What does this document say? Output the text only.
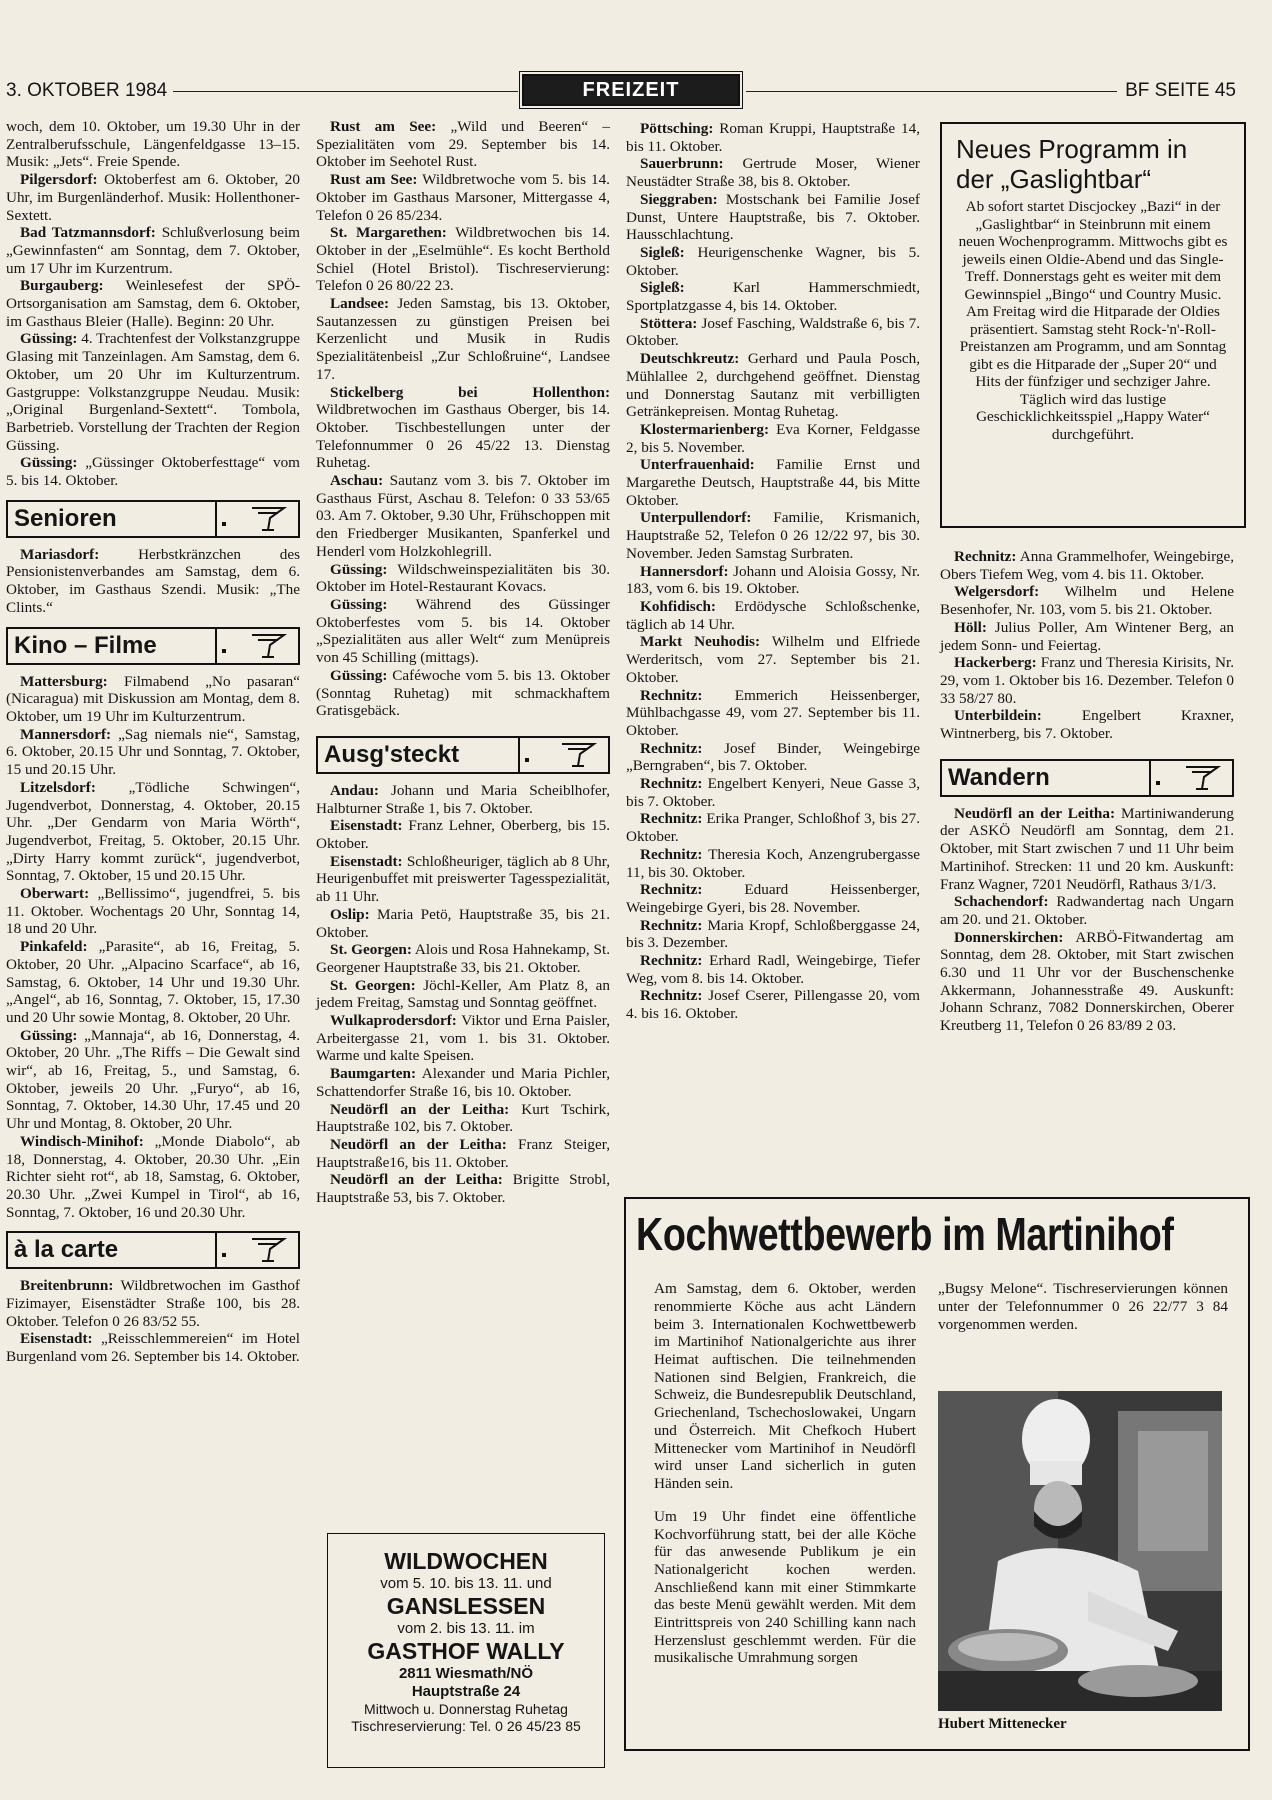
3. OKTOBER 1984	FREIZEIT	BF SEITE 45

woch, dem 10. Oktober, um 19.30 Uhr in der Zentralberufsschule, Längenfeldgasse 13–15. Musik: „Jets“. Freie Spende.

Pilgersdorf: Oktoberfest am 6. Oktober, 20 Uhr, im Burgenländerhof. Musik: Hollenthoner-Sextett.

Bad Tatzmannsdorf: Schlußverlosung beim „Gewinnfasten“ am Sonntag, dem 7. Oktober, um 17 Uhr im Kurzentrum.

Burgauberg: Weinlesefest der SPÖ-Ortsorganisation am Samstag, dem 6. Oktober, im Gasthaus Bleier (Halle). Beginn: 20 Uhr.

Güssing: 4. Trachtenfest der Volkstanzgruppe Glasing mit Tanzeinlagen. Am Samstag, dem 6. Oktober, um 20 Uhr im Kulturzentrum. Gastgruppe: Volkstanzgruppe Neudau. Musik: „Original Burgenland-Sextett“. Tombola, Barbetrieb. Vorstellung der Trachten der Region Güssing.

Güssing: „Güssinger Oktoberfesttage“ vom 5. bis 14. Oktober.

Senioren

Mariasdorf: Herbstkränzchen des Pensionistenverbandes am Samstag, dem 6. Oktober, im Gasthaus Szendi. Musik: „The Clints.“

Kino – Filme

Mattersburg: Filmabend „No pasaran“ (Nicaragua) mit Diskussion am Montag, dem 8. Oktober, um 19 Uhr im Kulturzentrum.

Mannersdorf: „Sag niemals nie“, Samstag, 6. Oktober, 20.15 Uhr und Sonntag, 7. Oktober, 15 und 20.15 Uhr.

Litzelsdorf: „Tödliche Schwingen“, Jugendverbot, Donnerstag, 4. Oktober, 20.15 Uhr. „Der Gendarm von Maria Wörth“, Jugendverbot, Freitag, 5. Oktober, 20.15 Uhr. „Dirty Harry kommt zurück“, jugendverbot, Sonntag, 7. Oktober, 15 und 20.15 Uhr.

Oberwart: „Bellissimo“, jugendfrei, 5. bis 11. Oktober. Wochentags 20 Uhr, Sonntag 14, 18 und 20 Uhr.

Pinkafeld: „Parasite“, ab 16, Freitag, 5. Oktober, 20 Uhr. „Alpacino Scarface“, ab 16, Samstag, 6. Oktober, 14 Uhr und 19.30 Uhr. „Angel“, ab 16, Sonntag, 7. Oktober, 15, 17.30 und 20 Uhr sowie Montag, 8. Oktober, 20 Uhr.

Güssing: „Mannaja“, ab 16, Donnerstag, 4. Oktober, 20 Uhr. „The Riffs – Die Gewalt sind wir“, ab 16, Freitag, 5., und Samstag, 6. Oktober, jeweils 20 Uhr. „Furyo“, ab 16, Sonntag, 7. Oktober, 14.30 Uhr, 17.45 und 20 Uhr und Montag, 8. Oktober, 20 Uhr.

Windisch-Minihof: „Monde Diabolo“, ab 18, Donnerstag, 4. Oktober, 20.30 Uhr. „Ein Richter sieht rot“, ab 18, Samstag, 6. Oktober, 20.30 Uhr. „Zwei Kumpel in Tirol“, ab 16, Sonntag, 7. Oktober, 16 und 20.30 Uhr.

à la carte

Breitenbrunn: Wildbretwochen im Gasthof Fizimayer, Eisenstädter Straße 100, bis 28. Oktober. Telefon 0 26 83/52 55.

Eisenstadt: „Reisschlemmereien“ im Hotel Burgenland vom 26. September bis 14. Oktober.

Rust am See: „Wild und Beeren“ – Spezialitäten vom 29. September bis 14. Oktober im Seehotel Rust.

Rust am See: Wildbretwoche vom 5. bis 14. Oktober im Gasthaus Marsoner, Mittergasse 4, Telefon 0 26 85/234.

St. Margarethen: Wildbretwochen bis 14. Oktober in der „Eselmühle“. Es kocht Berthold Schiel (Hotel Bristol). Tischreservierung: Telefon 0 26 80/22 23.

Landsee: Jeden Samstag, bis 13. Oktober, Sautanzessen zu günstigen Preisen bei Kerzenlicht und Musik in Rudis Spezialitätenbeisl „Zur Schloßruine“, Landsee 17.

Stickelberg bei Hollenthon: Wildbretwochen im Gasthaus Oberger, bis 14. Oktober. Tischbestellungen unter der Telefonnummer 0 26 45/22 13. Dienstag Ruhetag.

Aschau: Sautanz vom 3. bis 7. Oktober im Gasthaus Fürst, Aschau 8. Telefon: 0 33 53/65 03. Am 7. Oktober, 9.30 Uhr, Frühschoppen mit den Friedberger Musikanten, Spanferkel und Henderl vom Holzkohlegrill.

Güssing: Wildschweinspezialitäten bis 30. Oktober im Hotel-Restaurant Kovacs.

Güssing: Während des Güssinger Oktoberfestes vom 5. bis 14. Oktober „Spezialitäten aus aller Welt“ zum Menüpreis von 45 Schilling (mittags).

Güssing: Caféwoche vom 5. bis 13. Oktober (Sonntag Ruhetag) mit schmackhaftem Gratisgebäck.

Ausg'steckt

Andau: Johann und Maria Scheiblhofer, Halbturner Straße 1, bis 7. Oktober.

Eisenstadt: Franz Lehner, Oberberg, bis 15. Oktober.

Eisenstadt: Schloßheuriger, täglich ab 8 Uhr, Heurigenbuffet mit preiswerter Tagesspezialität, ab 11 Uhr.

Oslip: Maria Petö, Hauptstraße 35, bis 21. Oktober.

St. Georgen: Alois und Rosa Hahnekamp, St. Georgener Hauptstraße 33, bis 21. Oktober.

St. Georgen: Jöchl-Keller, Am Platz 8, an jedem Freitag, Samstag und Sonntag geöffnet.

Wulkaprodersdorf: Viktor und Erna Paisler, Arbeitergasse 21, vom 1. bis 31. Oktober. Warme und kalte Speisen.

Baumgarten: Alexander und Maria Pichler, Schattendorfer Straße 16, bis 10. Oktober.

Neudörfl an der Leitha: Kurt Tschirk, Hauptstraße 102, bis 7. Oktober.

Neudörfl an der Leitha: Franz Steiger, Hauptstraße16, bis 11. Oktober.

Neudörfl an der Leitha: Brigitte Strobl, Hauptstraße 53, bis 7. Oktober.

Pöttsching: Roman Kruppi, Hauptstraße 14, bis 11. Oktober.

Sauerbrunn: Gertrude Moser, Wiener Neustädter Straße 38, bis 8. Oktober.

Sieggraben: Mostschank bei Familie Josef Dunst, Untere Hauptstraße, bis 7. Oktober. Hausschlachtung.

Sigleß: Heurigenschenke Wagner, bis 5. Oktober.

Sigleß: Karl Hammerschmiedt, Sportplatzgasse 4, bis 14. Oktober.

Stöttera: Josef Fasching, Waldstraße 6, bis 7. Oktober.

Deutschkreutz: Gerhard und Paula Posch, Mühlallee 2, durchgehend geöffnet. Dienstag und Donnerstag Sautanz mit verbilligten Getränkepreisen. Montag Ruhetag.

Klostermarienberg: Eva Korner, Feldgasse 2, bis 5. November.

Unterfrauenhaid: Familie Ernst und Margarethe Deutsch, Hauptstraße 44, bis Mitte Oktober.

Unterpullendorf: Familie, Krismanich, Hauptstraße 52, Telefon 0 26 12/22 97, bis 30. November. Jeden Samstag Surbraten.

Hannersdorf: Johann und Aloisia Gossy, Nr. 183, vom 6. bis 19. Oktober.

Kohfidisch: Erdödysche Schloßschenke, täglich ab 14 Uhr.

Markt Neuhodis: Wilhelm und Elfriede Werderitsch, vom 27. September bis 21. Oktober.

Rechnitz: Emmerich Heissenberger, Mühlbachgasse 49, vom 27. September bis 11. Oktober.

Rechnitz: Josef Binder, Weingebirge „Berngraben“, bis 7. Oktober.

Rechnitz: Engelbert Kenyeri, Neue Gasse 3, bis 7. Oktober.

Rechnitz: Erika Pranger, Schloßhof 3, bis 27. Oktober.

Rechnitz: Theresia Koch, Anzengrubergasse 11, bis 30. Oktober.

Rechnitz: Eduard Heissenberger, Weingebirge Gyeri, bis 28. November.

Rechnitz: Maria Kropf, Schloßberggasse 24, bis 3. Dezember.

Rechnitz: Erhard Radl, Weingebirge, Tiefer Weg, vom 8. bis 14. Oktober.

Rechnitz: Josef Cserer, Pillengasse 20, vom 4. bis 16. Oktober.

Neues Programm in der „Gaslightbar“
Ab sofort startet Discjockey „Bazi“ in der „Gaslightbar“ in Steinbrunn mit einem neuen Wochenprogramm. Mittwochs gibt es jeweils einen Oldie-Abend und das Single-Treff. Donnerstags geht es weiter mit dem Gewinnspiel „Bingo“ und Country Music. Am Freitag wird die Hitparade der Oldies präsentiert. Samstag steht Rock-'n'-Roll-Preistanzen am Programm, und am Sonntag gibt es die Hitparade der „Super 20“ und Hits der fünfziger und sechziger Jahre. Täglich wird das lustige Geschicklichkeitsspiel „Happy Water“ durchgeführt.

Rechnitz: Anna Grammelhofer, Weingebirge, Obers Tiefem Weg, vom 4. bis 11. Oktober.

Welgersdorf: Wilhelm und Helene Besenhofer, Nr. 103, vom 5. bis 21. Oktober.

Höll: Julius Poller, Am Wintener Berg, an jedem Sonn- und Feiertag.

Hackerberg: Franz und Theresia Kirisits, Nr. 29, vom 1. Oktober bis 16. Dezember. Telefon 0 33 58/27 80.

Unterbildein: Engelbert Kraxner, Wintnerberg, bis 7. Oktober.

Wandern

Neudörfl an der Leitha: Martiniwanderung der ASKÖ Neudörfl am Sonntag, dem 21. Oktober, mit Start zwischen 7 und 11 Uhr beim Martinihof. Strecken: 11 und 20 km. Auskunft: Franz Wagner, 7201 Neudörfl, Rathaus 3/1/3.

Schachendorf: Radwandertag nach Ungarn am 20. und 21. Oktober.

Donnerskirchen: ARBÖ-Fitwandertag am Sonntag, dem 28. Oktober, mit Start zwischen 6.30 und 11 Uhr vor der Buschenschenke Akkermann, Johannesstraße 49. Auskunft: Johann Schranz, 7082 Donnerskirchen, Oberer Kreutberg 11, Telefon 0 26 83/89 2 03.

WILDWOCHEN
vom 5. 10. bis 13. 11. und
GANSLESSEN
vom 2. bis 13. 11. im
GASTHOF WALLY
2811 Wiesmath/NÖ
Hauptstraße 24
Mittwoch u. Donnerstag Ruhetag
Tischreservierung: Tel. 0 26 45/23 85
Kochwettbewerb im Martinihof

Am Samstag, dem 6. Oktober, werden renommierte Köche aus acht Ländern beim 3. Internationalen Kochwettbewerb im Martinihof Nationalgerichte aus ihrer Heimat auftischen. Die teilnehmenden Nationen sind Belgien, Frankreich, die Schweiz, die Bundesrepublik Deutschland, Griechenland, Tschechoslowakei, Ungarn und Österreich. Mit Chefkoch Hubert Mittenecker vom Martinihof in Neudörfl wird unser Land sicherlich in guten Händen sein.

Um 19 Uhr findet eine öffentliche Kochvorführung statt, bei der alle Köche für das anwesende Publikum je ein Nationalgericht kochen werden. Anschließend kann mit einer Stimmkarte das beste Menü gewählt werden. Mit dem Eintrittspreis von 240 Schilling kann nach Herzenslust geschlemmt werden. Für die musikalische Umrahmung sorgen

„Bugsy Melone“. Tischreservierungen können unter der Telefonnummer 0 26 22/77 3 84 vorgenommen werden.

Hubert Mittenecker
